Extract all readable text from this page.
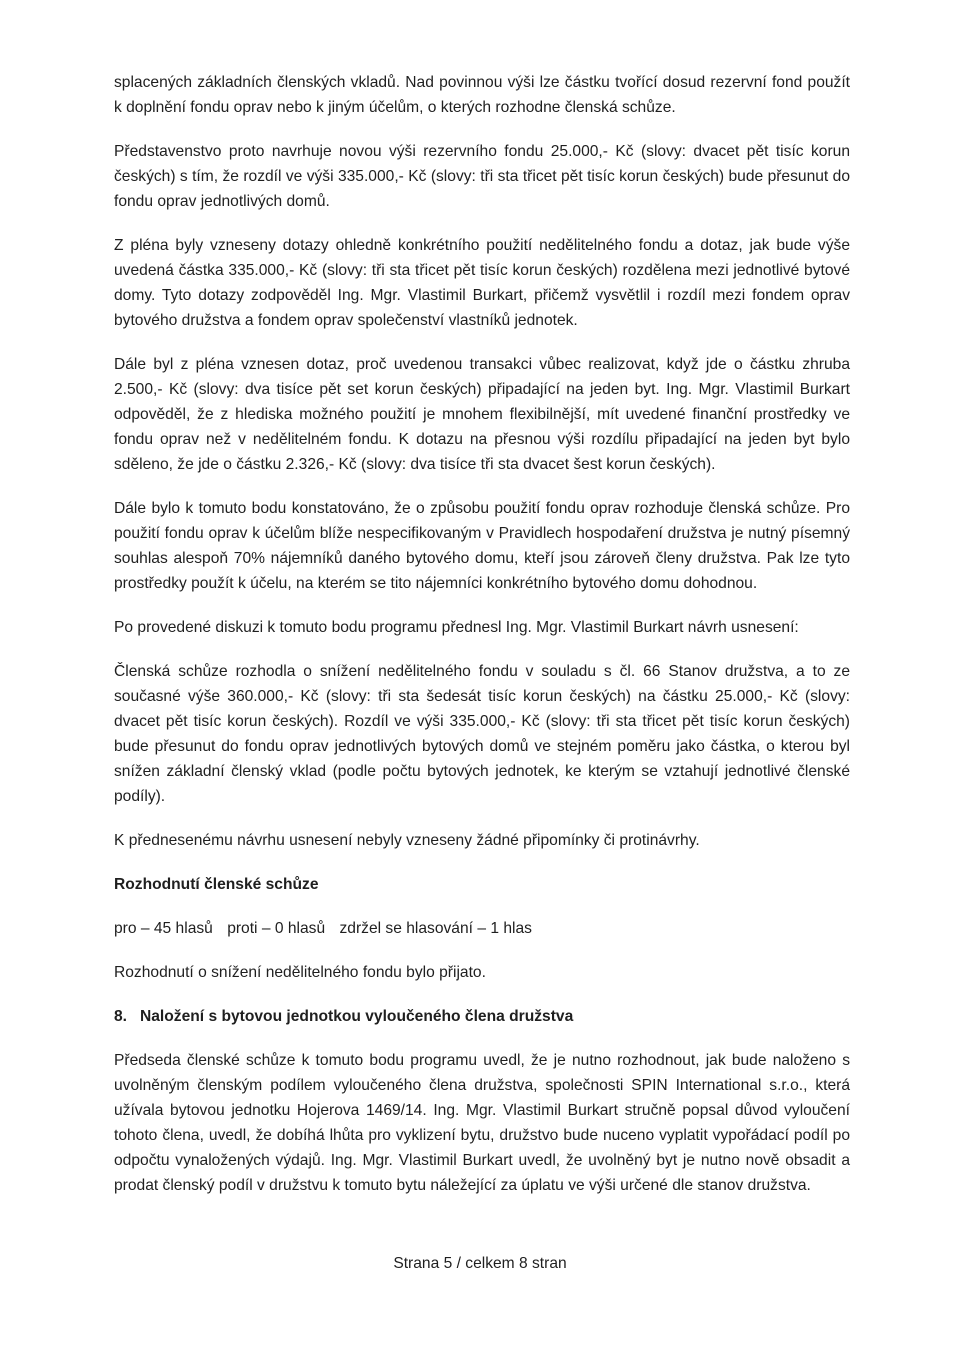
splacených základních členských vkladů. Nad povinnou výši lze částku tvořící dosud rezervní fond použít k doplnění fondu oprav nebo k jiným účelům, o kterých rozhodne členská schůze.

Představenstvo proto navrhuje novou výši rezervního fondu 25.000,- Kč (slovy: dvacet pět tisíc korun českých) s tím, že rozdíl ve výši 335.000,- Kč (slovy: tři sta třicet pět tisíc korun českých) bude přesunut do fondu oprav jednotlivých domů.

Z pléna byly vzneseny dotazy ohledně konkrétního použití nedělitelného fondu a dotaz, jak bude výše uvedená částka 335.000,- Kč (slovy: tři sta třicet pět tisíc korun českých) rozdělena mezi jednotlivé bytové domy. Tyto dotazy zodpověděl Ing. Mgr. Vlastimil Burkart, přičemž vysvětlil i rozdíl mezi fondem oprav bytového družstva a fondem oprav společenství vlastníků jednotek.

Dále byl z pléna vznesen dotaz, proč uvedenou transakci vůbec realizovat, když jde o částku zhruba 2.500,- Kč (slovy: dva tisíce pět set korun českých) připadající na jeden byt. Ing. Mgr. Vlastimil Burkart odpověděl, že z hlediska možného použití je mnohem flexibilnější, mít uvedené finanční prostředky ve fondu oprav než v nedělitelném fondu. K dotazu na přesnou výši rozdílu připadající na jeden byt bylo sděleno, že jde o částku 2.326,- Kč (slovy: dva tisíce tři sta dvacet šest korun českých).

Dále bylo k tomuto bodu konstatováno, že o způsobu použití fondu oprav rozhoduje členská schůze. Pro použití fondu oprav k účelům blíže nespecifikovaným v Pravidlech hospodaření družstva je nutný písemný souhlas alespoň 70% nájemníků daného bytového domu, kteří jsou zároveň členy družstva. Pak lze tyto prostředky použít k účelu, na kterém se tito nájemníci konkrétního bytového domu dohodnou.

Po provedené diskuzi k tomuto bodu programu přednesl Ing. Mgr. Vlastimil Burkart návrh usnesení:

Členská schůze rozhodla o snížení nedělitelného fondu v souladu s čl. 66 Stanov družstva, a to ze současné výše 360.000,- Kč (slovy: tři sta šedesát tisíc korun českých) na částku 25.000,- Kč (slovy: dvacet pět tisíc korun českých). Rozdíl ve výši 335.000,- Kč (slovy: tři sta třicet pět tisíc korun českých) bude přesunut do fondu oprav jednotlivých bytových domů ve stejném poměru jako částka, o kterou byl snížen základní členský vklad (podle počtu bytových jednotek, ke kterým se vztahují jednotlivé členské podíly).

K přednesenému návrhu usnesení nebyly vzneseny žádné připomínky či protinávrhy.

Rozhodnutí členské schůze
pro – 45 hlasů proti – 0 hlasů zdržel se hlasování – 1 hlas

Rozhodnutí o snížení nedělitelného fondu bylo přijato.

8. Naložení s bytovou jednotkou vyloučeného člena družstva

Předseda členské schůze k tomuto bodu programu uvedl, že je nutno rozhodnout, jak bude naloženo s uvolněným členským podílem vyloučeného člena družstva, společnosti SPIN International s.r.o., která užívala bytovou jednotku Hojerova 1469/14. Ing. Mgr. Vlastimil Burkart stručně popsal důvod vyloučení tohoto člena, uvedl, že dobíhá lhůta pro vyklizení bytu, družstvo bude nuceno vyplatit vypořádací podíl po odpočtu vynaložených výdajů. Ing. Mgr. Vlastimil Burkart uvedl, že uvolněný byt je nutno nově obsadit a prodat členský podíl v družstvu k tomuto bytu náležející za úplatu ve výši určené dle stanov družstva.

Strana 5 / celkem 8 stran
